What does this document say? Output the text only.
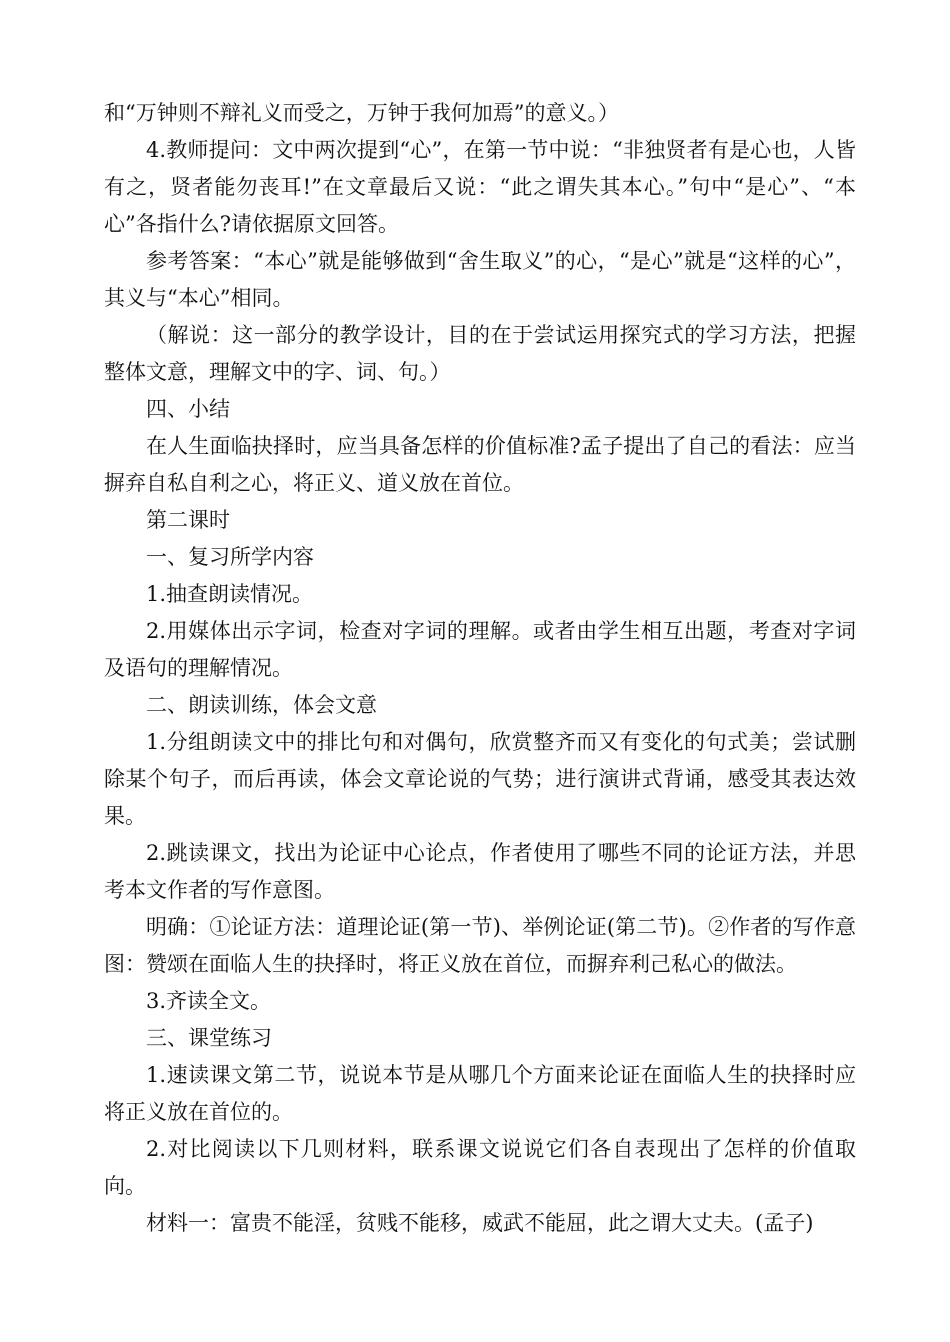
和“万钟则不辩礼义而受之，万钟于我何加焉”的意义。）

4.教师提问：文中两次提到“心”，在第一节中说：“非独贤者有是心也，人皆有之，贤者能勿丧耳!”在文章最后又说：“此之谓失其本心。”句中“是心”、“本心”各指什么?请依据原文回答。

参考答案：“本心”就是能够做到“舍生取义”的心，“是心”就是“这样的心”，其义与“本心”相同。

（解说：这一部分的教学设计，目的在于尝试运用探究式的学习方法，把握整体文意，理解文中的字、词、句。）

四、小结

在人生面临抉择时，应当具备怎样的价值标准?孟子提出了自己的看法：应当摒弃自私自利之心，将正义、道义放在首位。

第二课时

一、复习所学内容

1.抽查朗读情况。

2.用媒体出示字词，检查对字词的理解。或者由学生相互出题，考查对字词及语句的理解情况。

二、朗读训练，体会文意

1.分组朗读文中的排比句和对偶句，欣赏整齐而又有变化的句式美；尝试删除某个句子，而后再读，体会文章论说的气势；进行演讲式背诵，感受其表达效果。

2.跳读课文，找出为论证中心论点，作者使用了哪些不同的论证方法，并思考本文作者的写作意图。

明确：①论证方法：道理论证(第一节)、举例论证(第二节)。②作者的写作意图：赞颂在面临人生的抉择时，将正义放在首位，而摒弃利己私心的做法。

3.齐读全文。

三、课堂练习

1.速读课文第二节，说说本节是从哪几个方面来论证在面临人生的抉择时应将正义放在首位的。

2.对比阅读以下几则材料，联系课文说说它们各自表现出了怎样的价值取向。

材料一：富贵不能淫，贫贱不能移，威武不能屈，此之谓大丈夫。(孟子)
